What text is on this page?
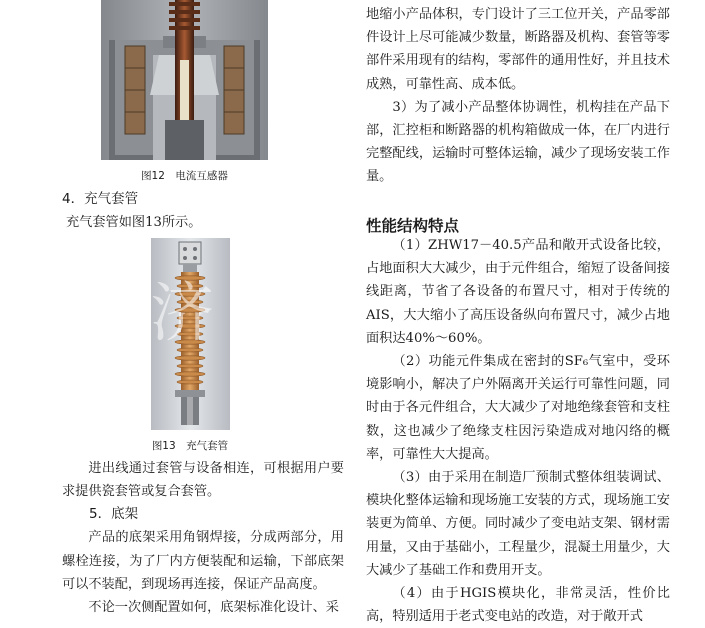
图12　电流互感器

4．充气套管

充气套管如图13所示。

图13　充气套管

进出线通过套管与设备相连，可根据用户要求提供瓷套管或复合套管。

5．底架

产品的底架采用角钢焊接，分成两部分，用螺栓连接，为了厂内方便装配和运输，下部底架可以不装配，到现场再连接，保证产品高度。

不论一次侧配置如何，底架标准化设计、采

济

地缩小产品体积，专门设计了三工位开关，产品零部件设计上尽可能减少数量，断路器及机构、套管等零部件采用现有的结构，零部件的通用性好，并且技术成熟，可靠性高、成本低。

3）为了减小产品整体协调性，机构挂在产品下部，汇控柜和断路器的机构箱做成一体，在厂内进行完整配线，运输时可整体运输，减少了现场安装工作量。

性能结构特点

（1）ZHW17－40.5产品和敞开式设备比较，占地面积大大减少，由于元件组合，缩短了设备间接线距离，节省了各设备的布置尺寸，相对于传统的AIS，大大缩小了高压设备纵向布置尺寸，减少占地面积达40%～60%。

（2）功能元件集成在密封的SF₆气室中，受环境影响小，解决了户外隔离开关运行可靠性问题，同时由于各元件组合，大大减少了对地绝缘套管和支柱数，这也减少了绝缘支柱因污染造成对地闪络的概率，可靠性大大提高。

（3）由于采用在制造厂预制式整体组装调试、模块化整体运输和现场施工安装的方式，现场施工安装更为简单、方便。同时减少了变电站支架、钢材需用量，又由于基础小，工程量少，混凝土用量少，大大减少了基础工作和费用开支。

（4）由于HGIS模块化，非常灵活，性价比高，特别适用于老式变电站的改造，对于敞开式
